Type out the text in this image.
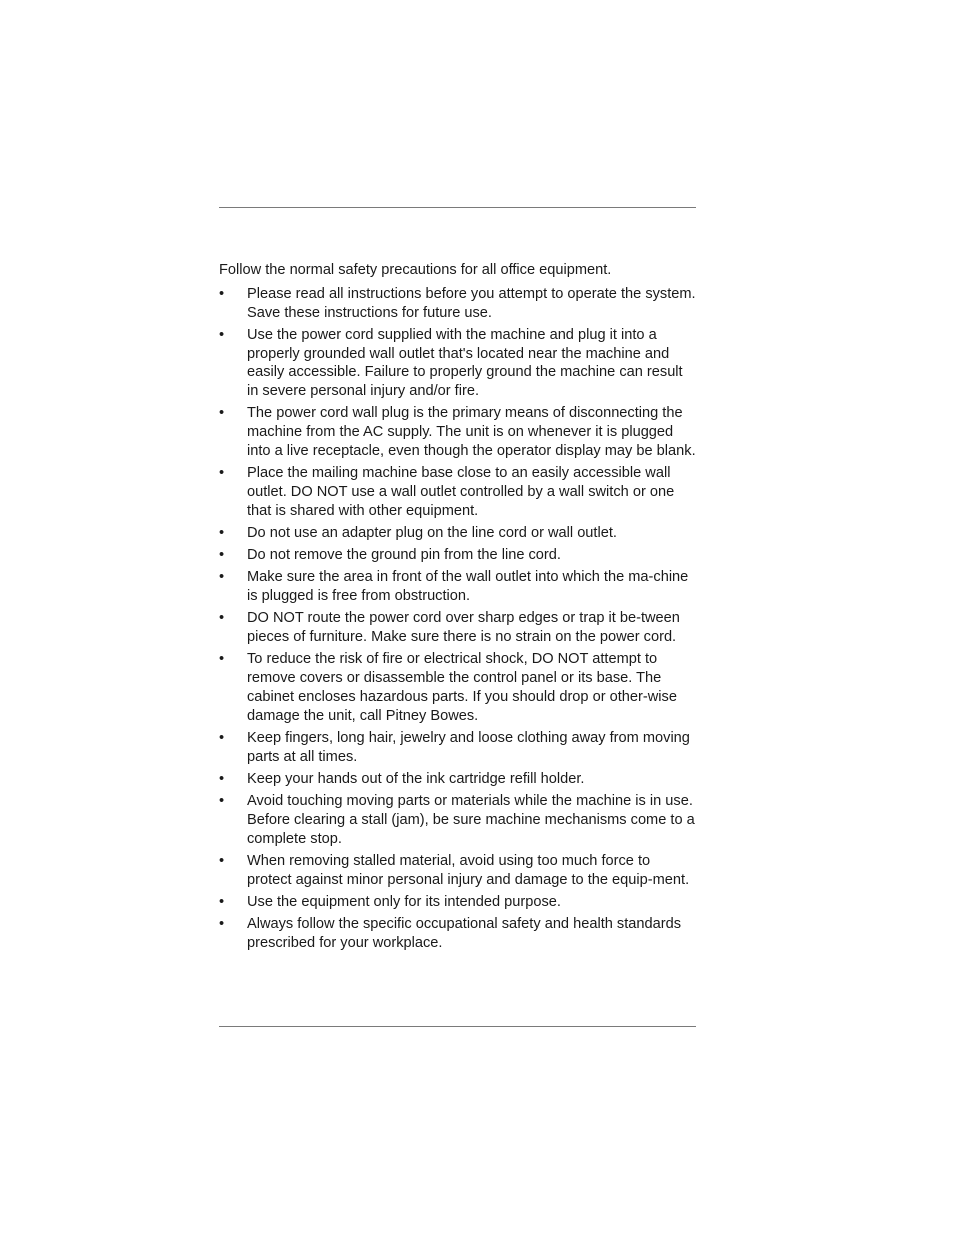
Follow the normal safety precautions for all office equipment.

•	Please read all instructions before you attempt to operate the system. Save these instructions for future use.
•	Use the power cord supplied with the machine and plug it into a properly grounded wall outlet that's located near the machine and easily accessible. Failure to properly ground the machine can result in severe personal injury and/or fire.
•	The power cord wall plug is the primary means of disconnecting the machine from the AC supply. The unit is on whenever it is plugged into a live receptacle, even though the operator display may be blank.
•	Place the mailing machine base close to an easily accessible wall outlet. DO NOT use a wall outlet controlled by a wall switch or one that is shared with other equipment.
•	Do not use an adapter plug on the line cord or wall outlet.
•	Do not remove the ground pin from the line cord.
•	Make sure the area in front of the wall outlet into which the ma-chine is plugged is free from obstruction.
•	DO NOT route the power cord over sharp edges or trap it be-tween pieces of furniture. Make sure there is no strain on the power cord.
•	To reduce the risk of fire or electrical shock, DO NOT attempt to remove covers or disassemble the control panel or its base. The cabinet encloses hazardous parts. If you should drop or other-wise damage the unit, call Pitney Bowes.
•	Keep fingers, long hair, jewelry and loose clothing away from moving parts at all times.
•	Keep your hands out of the ink cartridge refill holder.
•	Avoid touching moving parts or materials while the machine is in use. Before clearing a stall (jam), be sure machine mechanisms come to a complete stop.
•	When removing stalled material, avoid using too much force to protect against minor personal injury and damage to the equip-ment.
•	Use the equipment only for its intended purpose.
•	Always follow the specific occupational safety and health standards prescribed for your workplace.
